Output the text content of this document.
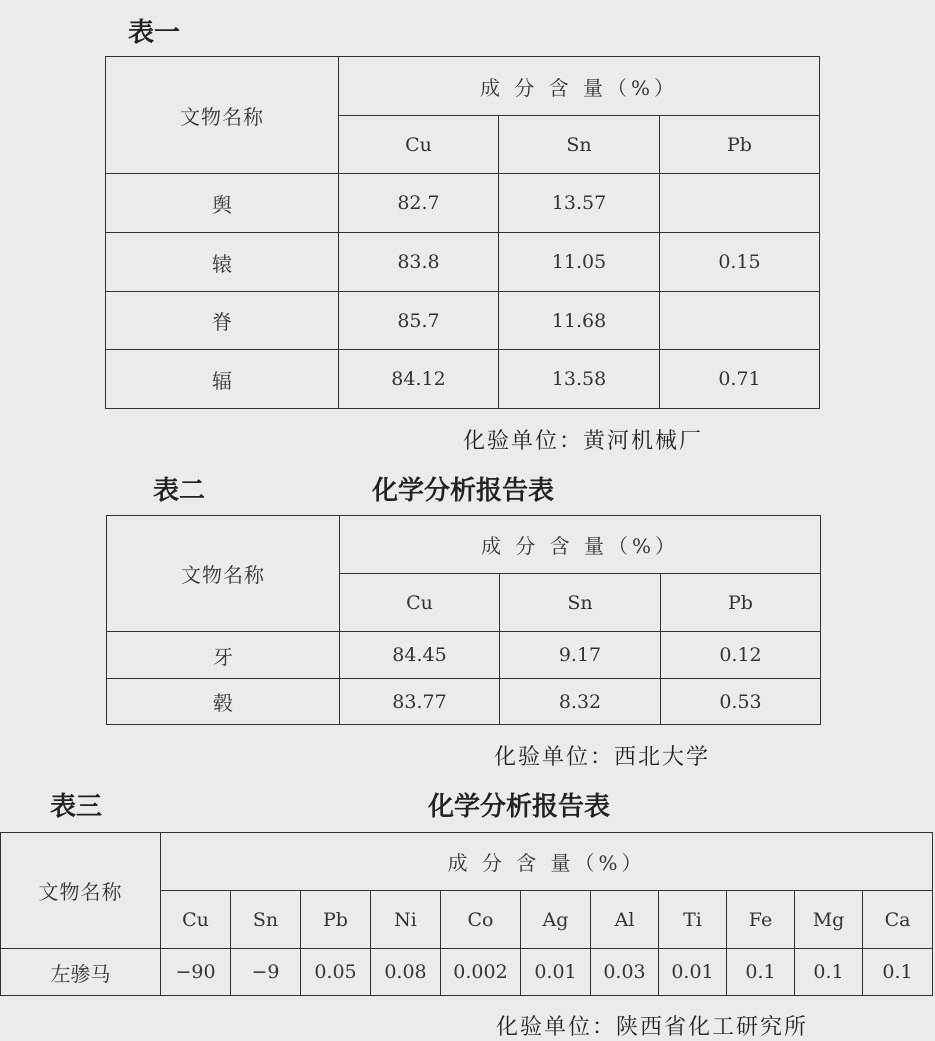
表一
文物名称	成 分 含 量（%）		
	Cu	Sn	Pb
舆	82.7	13.57	
辕	83.8	11.05	0.15
脊	85.7	11.68	
辐	84.12	13.58	0.71
化验单位：黄河机械厂
表二	化学分析报告表
文物名称	成 分 含 量（%）		
	Cu	Sn	Pb
牙	84.45	9.17	0.12
毂	83.77	8.32	0.53
化验单位：西北大学
表三	化学分析报告表
文物名称	成 分 含 量（%）										
	Cu	Sn	Pb	Ni	Co	Ag	Al	Ti	Fe	Mg	Ca
左骖马	−90	−9	0.05	0.08	0.002	0.01	0.03	0.01	0.1	0.1	0.1
化验单位：陕西省化工研究所
